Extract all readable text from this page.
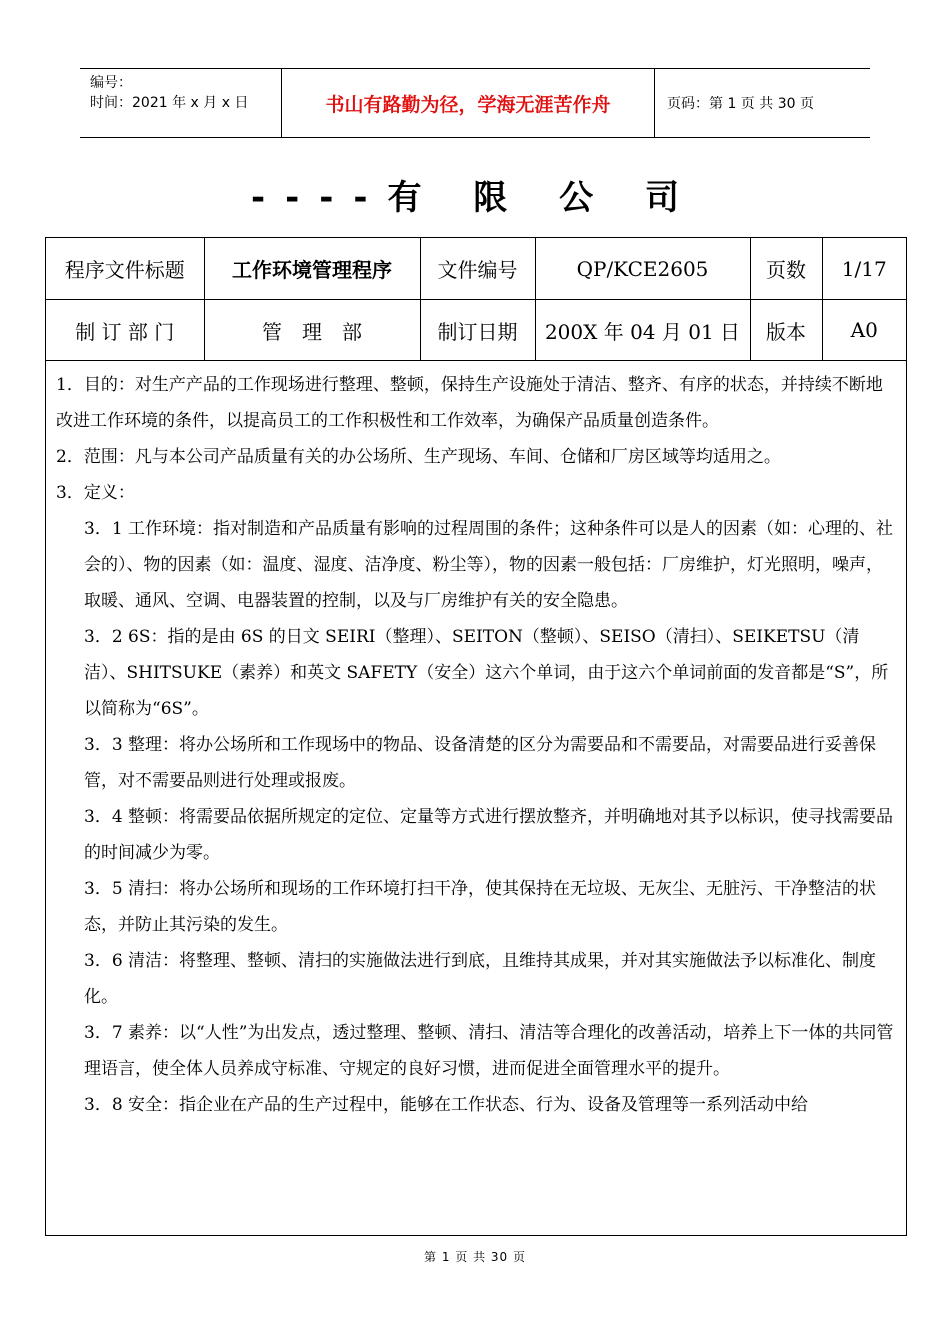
编号：
时间：2021 年 x 月 x 日	书山有路勤为径，学海无涯苦作舟	页码：第 1 页 共 30 页
----有 限 公 司
程序文件标题	工作环境管理程序	文件编号	QP/KCE2605	页数	1/17
制 订 部 门	管　理　部	制订日期	200X 年 04 月 01 日	版本	A0
1．目的：对生产产品的工作现场进行整理、整顿，保持生产设施处于清洁、整齐、有序的状态，并持续不断地改进工作环境的条件，以提高员工的工作积极性和工作效率，为确保产品质量创造条件。
2．范围：凡与本公司产品质量有关的办公场所、生产现场、车间、仓储和厂房区域等均适用之。
3．定义：
3．1 工作环境：指对制造和产品质量有影响的过程周围的条件；这种条件可以是人的因素（如：心理的、社会的）、物的因素（如：温度、湿度、洁净度、粉尘等），物的因素一般包括：厂房维护，灯光照明，噪声，取暖、通风、空调、电器装置的控制，以及与厂房维护有关的安全隐患。
3．2 6S：指的是由 6S 的日文 SEIRI（整理）、SEITON（整顿）、SEISO（清扫）、SEIKETSU（清洁）、SHITSUKE（素养）和英文 SAFETY（安全）这六个单词，由于这六个单词前面的发音都是“S”，所以简称为“6S”。
3．3 整理：将办公场所和工作现场中的物品、设备清楚的区分为需要品和不需要品，对需要品进行妥善保管，对不需要品则进行处理或报废。
3．4 整顿：将需要品依据所规定的定位、定量等方式进行摆放整齐，并明确地对其予以标识，使寻找需要品的时间减少为零。
3．5 清扫：将办公场所和现场的工作环境打扫干净，使其保持在无垃圾、无灰尘、无脏污、干净整洁的状态，并防止其污染的发生。
3．6 清洁：将整理、整顿、清扫的实施做法进行到底，且维持其成果，并对其实施做法予以标准化、制度化。
3．7 素养：以“人性”为出发点，透过整理、整顿、清扫、清洁等合理化的改善活动，培养上下一体的共同管理语言，使全体人员养成守标准、守规定的良好习惯，进而促进全面管理水平的提升。
3．8 安全：指企业在产品的生产过程中，能够在工作状态、行为、设备及管理等一系列活动中给
第 1 页 共 30 页
